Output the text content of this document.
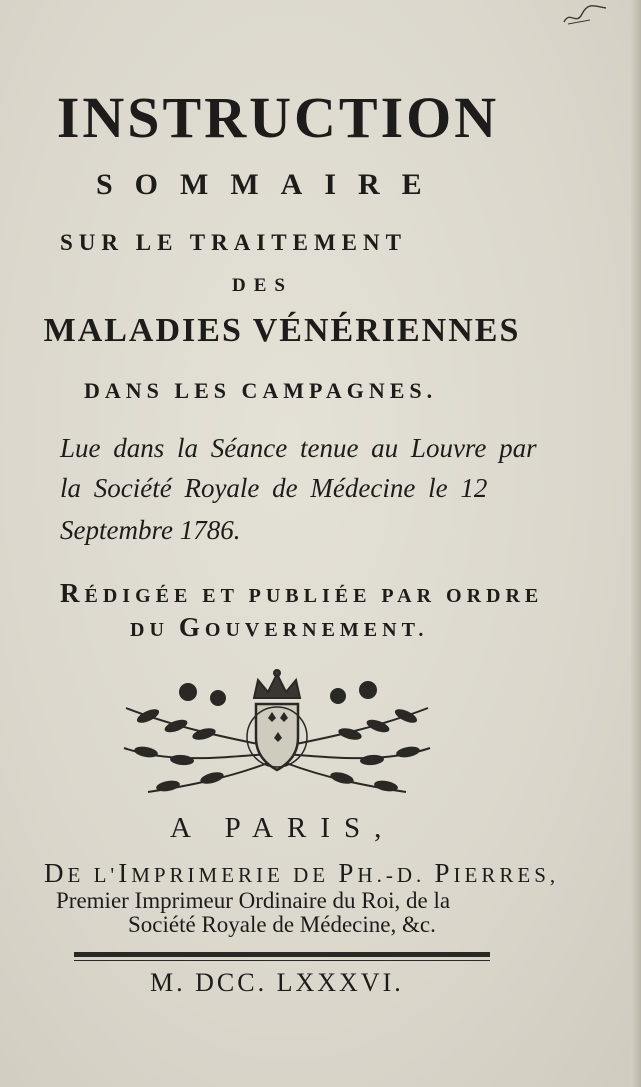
INSTRUCTION
SOMMAIRE
SUR LE TRAITEMENT
DES
MALADIES VÉNÉRIENNES
DANS LES CAMPAGNES.
Lue dans la Séance tenue au Louvre par
la Société Royale de Médecine le 12
Septembre 1786.
RÉDIGÉE ET PUBLIÉE PAR ORDRE
DU GOUVERNEMENT.
A PARIS,
DE L'IMPRIMERIE DE PH.-D. PIERRES,
Premier Imprimeur Ordinaire du Roi, de la
Société Royale de Médecine, &c.
M. DCC. LXXXVI.
